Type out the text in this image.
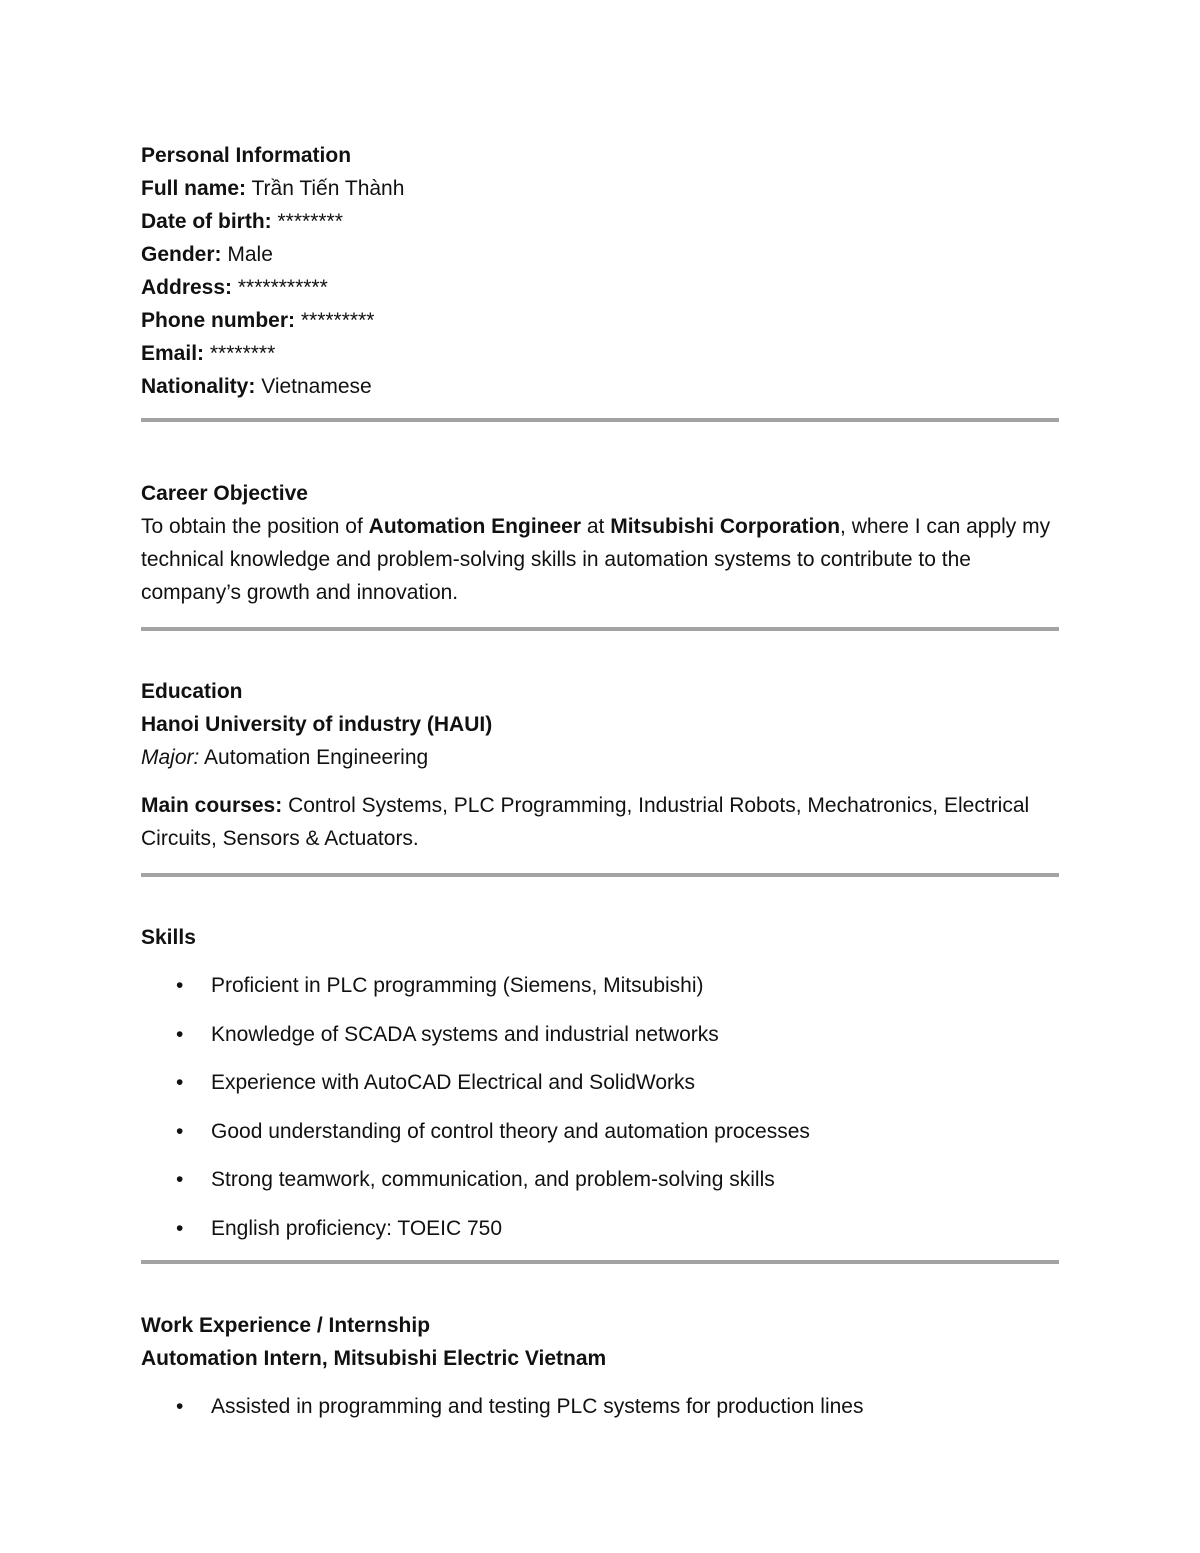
Personal Information
Full name: Trần Tiến Thành
Date of birth: ********
Gender: Male
Address: ***********
Phone number: *********
Email: ********
Nationality: Vietnamese
Career Objective

To obtain the position of Automation Engineer at Mitsubishi Corporation, where I can apply my technical knowledge and problem-solving skills in automation systems to contribute to the company’s growth and innovation.

Education
Hanoi University of industry (HAUI)
Major: Automation Engineering

Main courses: Control Systems, PLC Programming, Industrial Robots, Mechatronics, Electrical Circuits, Sensors & Actuators.

Skills
• Proficient in PLC programming (Siemens, Mitsubishi)
• Knowledge of SCADA systems and industrial networks
• Experience with AutoCAD Electrical and SolidWorks
• Good understanding of control theory and automation processes
• Strong teamwork, communication, and problem-solving skills
• English proficiency: TOEIC 750
Work Experience / Internship
Automation Intern, Mitsubishi Electric Vietnam
• Assisted in programming and testing PLC systems for production lines
